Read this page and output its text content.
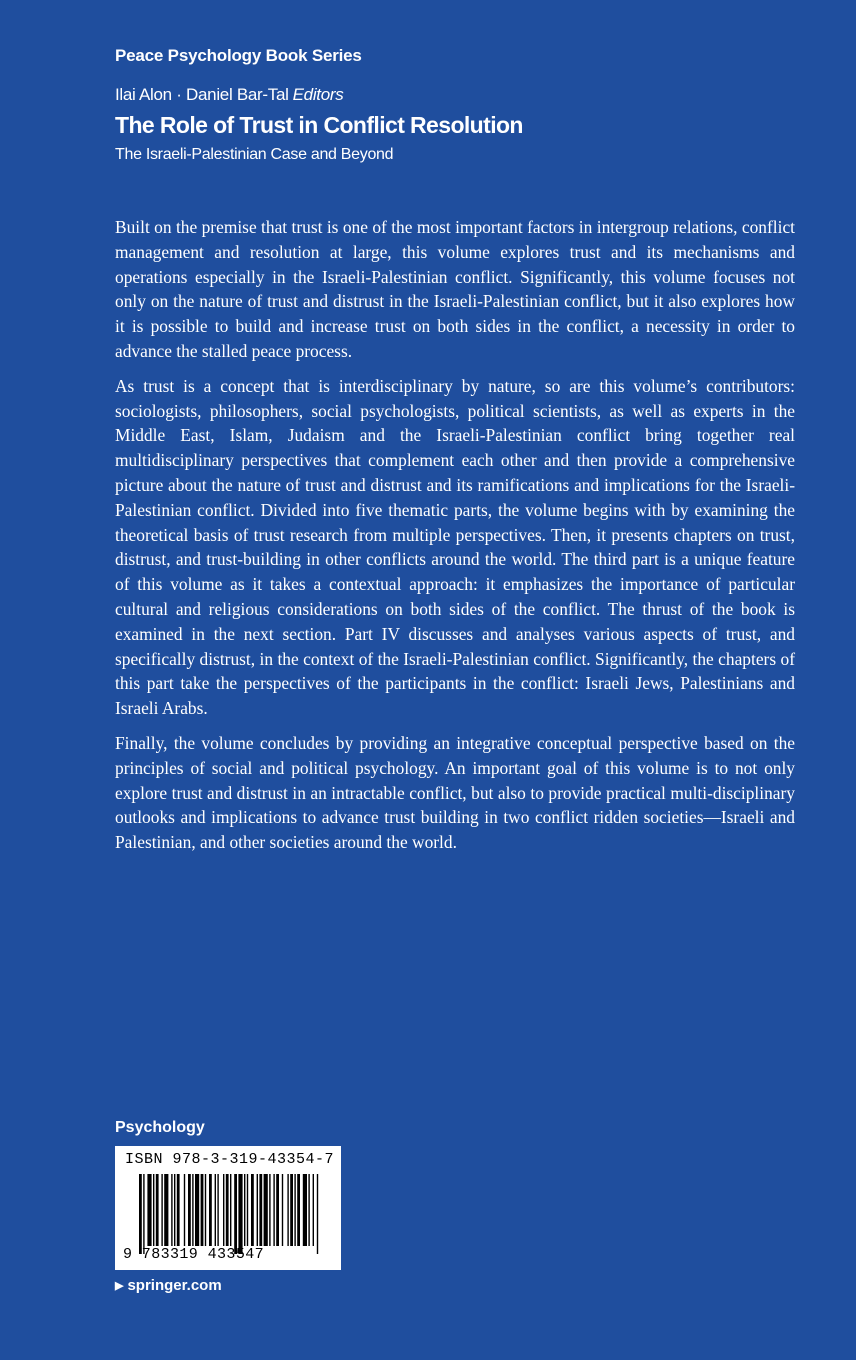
Peace Psychology Book Series
Ilai Alon · Daniel Bar-Tal Editors
The Role of Trust in Conflict Resolution
The Israeli-Palestinian Case and Beyond

Built on the premise that trust is one of the most important factors in intergroup relations, conflict management and resolution at large, this volume explores trust and its mechanisms and operations especially in the Israeli-Palestinian conflict. Significantly, this volume focuses not only on the nature of trust and distrust in the Israeli-Palestinian conflict, but it also explores how it is possible to build and increase trust on both sides in the conflict, a necessity in order to advance the stalled peace process.

As trust is a concept that is interdisciplinary by nature, so are this volume’s contributors: sociologists, philosophers, social psychologists, political scientists, as well as experts in the Middle East, Islam, Judaism and the Israeli-Palestinian conflict bring together real multidisciplinary perspectives that complement each other and then provide a comprehensive picture about the nature of trust and distrust and its ramifications and implications for the Israeli-Palestinian conflict. Divided into five thematic parts, the volume begins with by examining the theoretical basis of trust research from multiple perspectives. Then, it presents chapters on trust, distrust, and trust-building in other conflicts around the world. The third part is a unique feature of this volume as it takes a contextual approach: it emphasizes the importance of particular cultural and religious considerations on both sides of the conflict. The thrust of the book is examined in the next section. Part IV discusses and analyses various aspects of trust, and specifically distrust, in the context of the Israeli-Palestinian conflict. Significantly, the chapters of this part take the perspectives of the participants in the conflict: Israeli Jews, Palestinians and Israeli Arabs.

Finally, the volume concludes by providing an integrative conceptual perspective based on the principles of social and political psychology. An important goal of this volume is to not only explore trust and distrust in an intractable conflict, but also to provide practical multi-disciplinary outlooks and implications to advance trust building in two conflict ridden societies—Israeli and Palestinian, and other societies around the world.

Psychology
ISBN 978-3-319-43354-7
9 783319 433547
▶ springer.com
